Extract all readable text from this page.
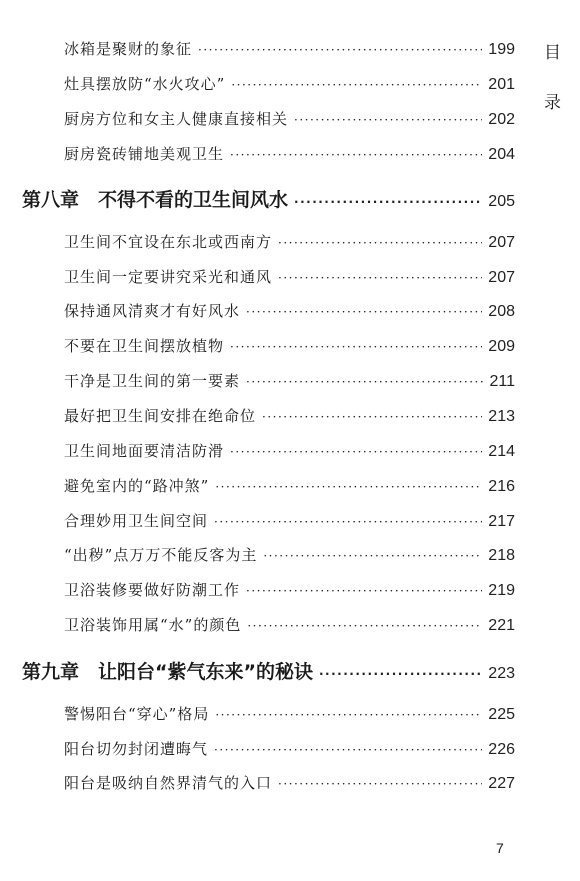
目
录
冰箱是聚财的象征 ·····	199
灶具摆放防“水火攻心” ·····	201
厨房方位和女主人健康直接相关 ·····	202
厨房瓷砖铺地美观卫生 ·····	204
第八章　不得不看的卫生间风水 ·····	205
卫生间不宜设在东北或西南方 ·····	207
卫生间一定要讲究采光和通风 ·····	207
保持通风清爽才有好风水 ·····	208
不要在卫生间摆放植物 ·····	209
干净是卫生间的第一要素 ·····	211
最好把卫生间安排在绝命位 ·····	213
卫生间地面要清洁防滑 ·····	214
避免室内的“路冲煞” ·····	216
合理妙用卫生间空间 ·····	217
“出秽”点万万不能反客为主 ·····	218
卫浴装修要做好防潮工作 ·····	219
卫浴装饰用属“水”的颜色 ·····	221
第九章　让阳台“紫气东来”的秘诀 ·····	223
警惕阳台“穿心”格局 ·····	225
阳台切勿封闭遭晦气 ·····	226
阳台是吸纳自然界清气的入口 ·····	227
7
